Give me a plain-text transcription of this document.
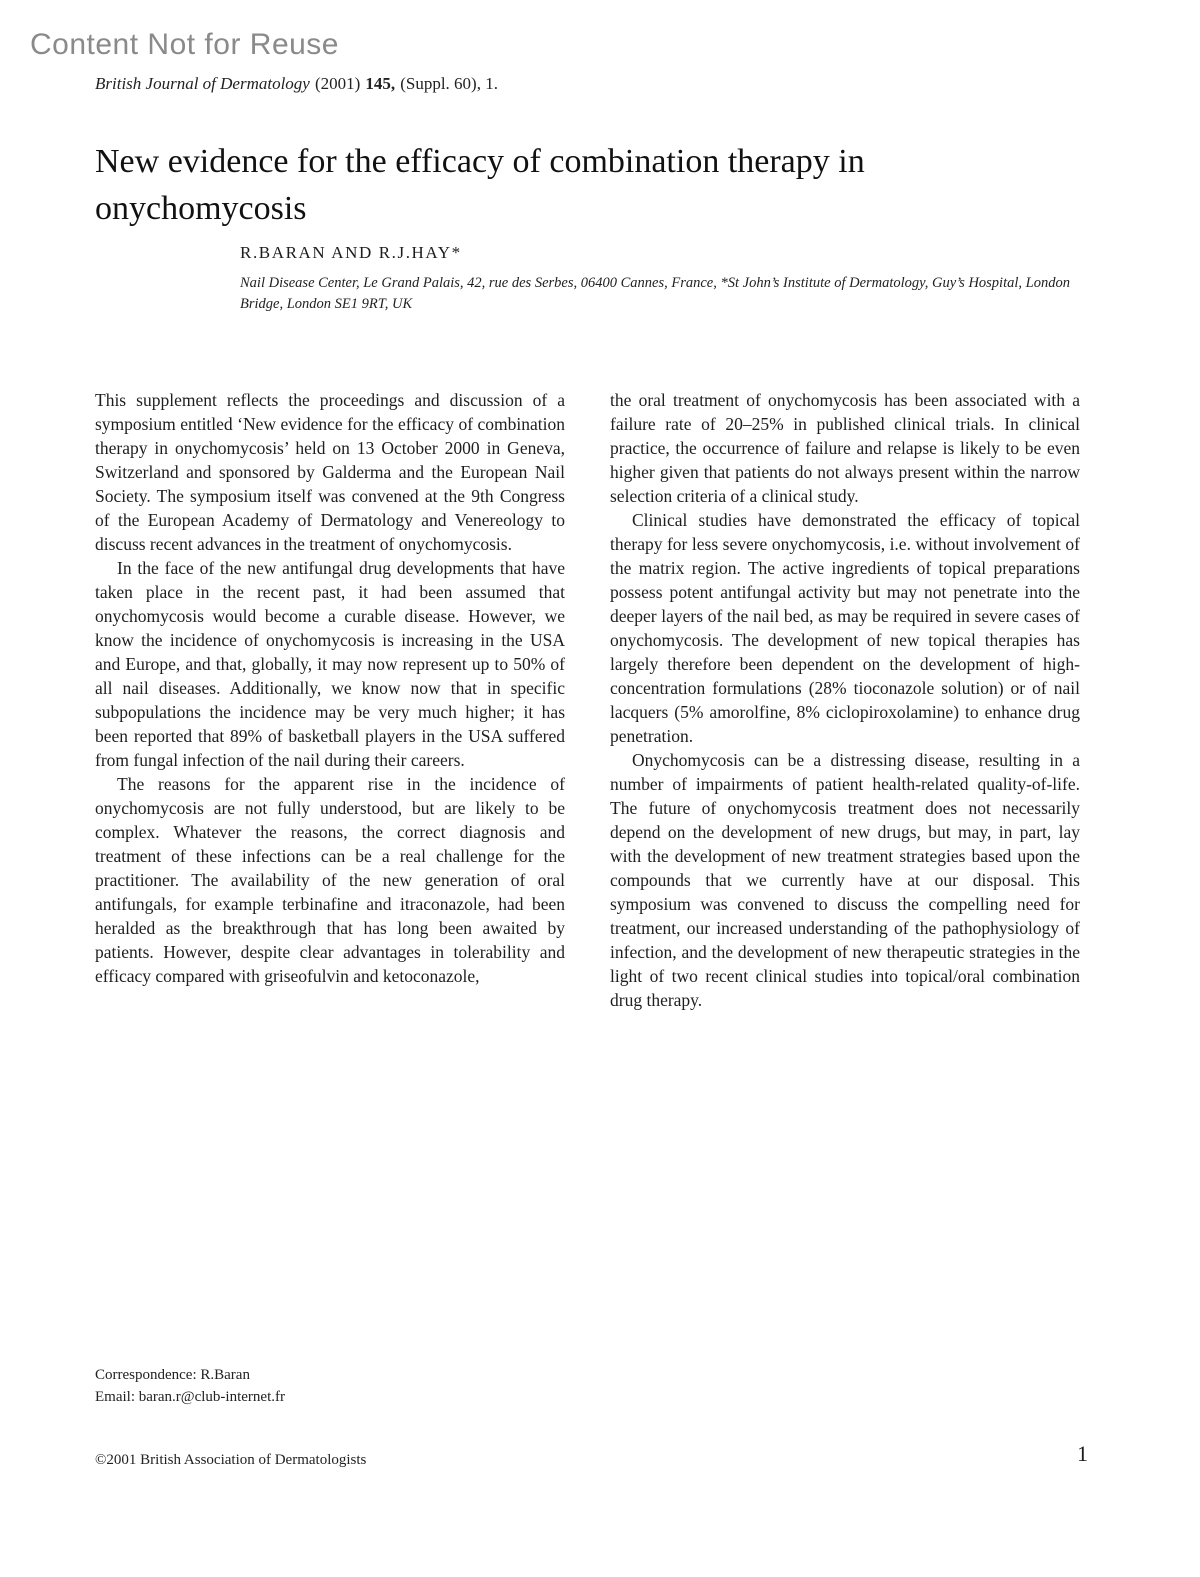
Content Not for Reuse
British Journal of Dermatology (2001) 145, (Suppl. 60), 1.
New evidence for the efficacy of combination therapy in onychomycosis
R.BARAN AND R.J.HAY*
Nail Disease Center, Le Grand Palais, 42, rue des Serbes, 06400 Cannes, France, *St John’s Institute of Dermatology, Guy’s Hospital, London Bridge, London SE1 9RT, UK

This supplement reflects the proceedings and discussion of a symposium entitled ‘New evidence for the efficacy of combination therapy in onychomycosis’ held on 13 October 2000 in Geneva, Switzerland and sponsored by Galderma and the European Nail Society. The symposium itself was convened at the 9th Congress of the European Academy of Dermatology and Venereology to discuss recent advances in the treatment of onychomycosis.

In the face of the new antifungal drug developments that have taken place in the recent past, it had been assumed that onychomycosis would become a curable disease. However, we know the incidence of onychomycosis is increasing in the USA and Europe, and that, globally, it may now represent up to 50% of all nail diseases. Additionally, we know now that in specific subpopulations the incidence may be very much higher; it has been reported that 89% of basketball players in the USA suffered from fungal infection of the nail during their careers.

The reasons for the apparent rise in the incidence of onychomycosis are not fully understood, but are likely to be complex. Whatever the reasons, the correct diagnosis and treatment of these infections can be a real challenge for the practitioner. The availability of the new generation of oral antifungals, for example terbinafine and itraconazole, had been heralded as the breakthrough that has long been awaited by patients. However, despite clear advantages in tolerability and efficacy compared with griseofulvin and ketoconazole,

the oral treatment of onychomycosis has been associated with a failure rate of 20–25% in published clinical trials. In clinical practice, the occurrence of failure and relapse is likely to be even higher given that patients do not always present within the narrow selection criteria of a clinical study.

Clinical studies have demonstrated the efficacy of topical therapy for less severe onychomycosis, i.e. without involvement of the matrix region. The active ingredients of topical preparations possess potent antifungal activity but may not penetrate into the deeper layers of the nail bed, as may be required in severe cases of onychomycosis. The development of new topical therapies has largely therefore been dependent on the development of high-concentration formulations (28% tioconazole solution) or of nail lacquers (5% amorolfine, 8% ciclopiroxolamine) to enhance drug penetration.

Onychomycosis can be a distressing disease, resulting in a number of impairments of patient health-related quality-of-life. The future of onychomycosis treatment does not necessarily depend on the development of new drugs, but may, in part, lay with the development of new treatment strategies based upon the compounds that we currently have at our disposal. This symposium was convened to discuss the compelling need for treatment, our increased understanding of the pathophysiology of infection, and the development of new therapeutic strategies in the light of two recent clinical studies into topical/oral combination drug therapy.

Correspondence: R.Baran
Email: baran.r@club-internet.fr
©2001 British Association of Dermatologists	1
